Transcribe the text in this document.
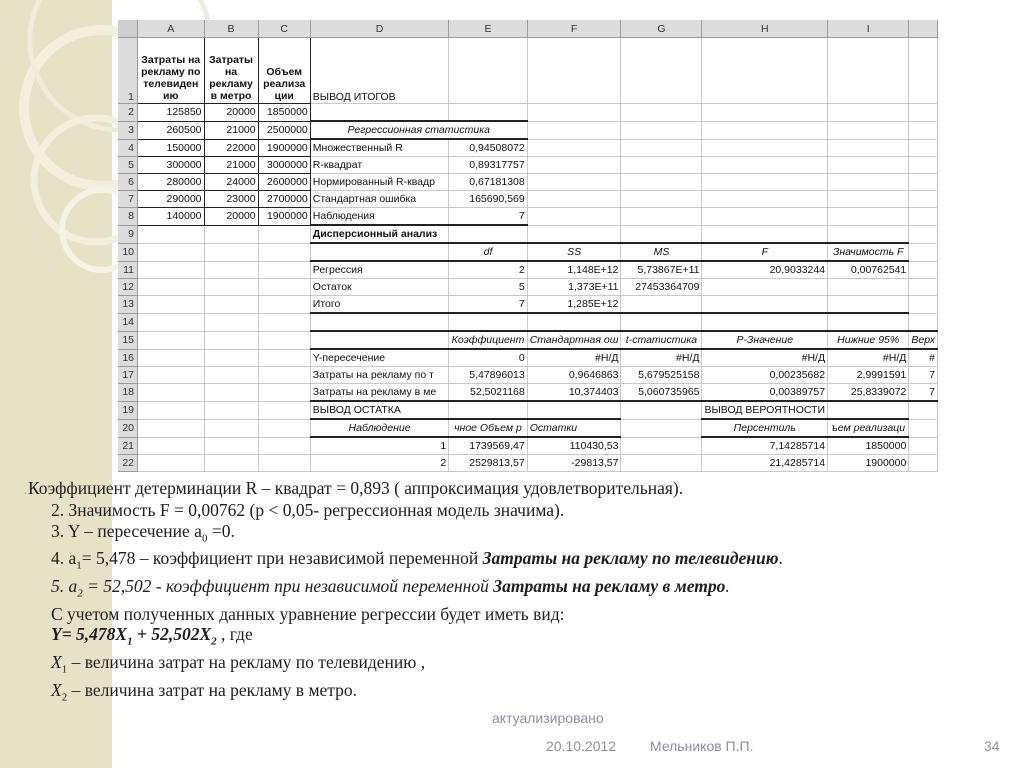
	A	B	C	D	E	F	G	H	I	
1	Затраты на рекламу по телевиден ию	Затраты на рекламу в метро	Объем реализа ции	ВЫВОД ИТОГОВ						
2	125850	20000	1850000							
3	260500	21000	2500000	Регрессионная статистика						
4	150000	22000	1900000	Множественный R	0,94508072					
5	300000	21000	3000000	R-квадрат	0,89317757					
6	280000	24000	2600000	Нормированный R-квадр	0,67181308					
7	290000	23000	2700000	Стандартная ошибка	165690,569					
8	140000	20000	1900000	Наблюдения	7					
9				Дисперсионный анализ						
10					df	SS	MS	F	Значимость F	
11				Регрессия	2	1,148E+12	5,73867E+11	20,9033244	0,00762541	
12				Остаток	5	1,373E+11	27453364709			
13				Итого	7	1,285E+12				
14										
15					Коэффициент	Стандартная ош	t-статистика	P-Значение	Нижние 95%	Верх
16				Y-пересечение	0	#Н/Д	#Н/Д	#Н/Д	#Н/Д	#
17				Затраты на рекламу по т	5,47896013	0,9646863	5,679525158	0,00235682	2,9991591	7
18				Затраты на рекламу в ме	52,5021168	10,374403	5,060735965	0,00389757	25,8339072	7
19				ВЫВОД ОСТАТКА				ВЫВОД ВЕРОЯТНОСТИ		
20				Наблюдение	чное Объем р	Остатки		Персентиль	ъем реализаци	
21				1	1739569,47	110430,53		7,14285714	1850000	
22				2	2529813,57	-29813,57		21,4285714	1900000	
.Коэффициент детерминации R – квадрат = 0,893 ( аппроксимация удовлетворительная).
2. Значимость F = 0,00762 (p < 0,05- регрессионная модель значима).
3. Y – пересечение $a_0 =0$.
4. $a_1= 5,478$ – коэффициент при независимой переменной Затраты на рекламу по телевидению.
5. $a_2 = 52,502$ - коэффициент при независимой переменной Затраты на рекламу в метро.
С учетом полученных данных уравнение регрессии будет иметь вид:
$Y= 5,478X_1 + 52,502X_2$ , где
$X_1$ – величина затрат на рекламу по телевидению ,
$X_2$ – величина затрат на рекламу в метро.
актуализировано
20.10.2012 Мельников П.П.	34
